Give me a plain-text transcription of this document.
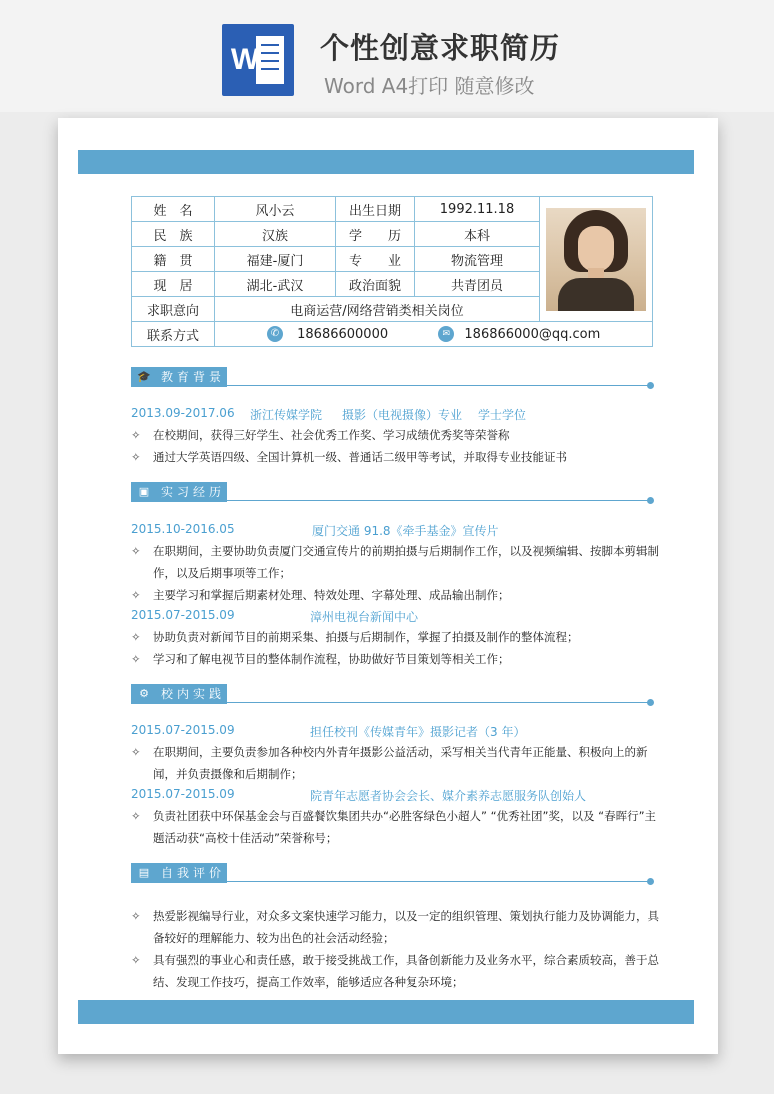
W 个性创意求职简历
Word A4打印 随意修改
姓　名	风小云	出生日期	1992.11.18	

民　族	汉族	学　　历	本科	
籍　贯	福建-厦门	专　　业	物流管理	
现　居	湖北-武汉	政治面貌	共青团员	
求职意向	电商运营/网络营销类相关岗位			
联系方式	✆ 18686600000 ✉ 186866000@qq.com			
🎓 教育背景
2013.09-2017.06 浙江传媒学院 摄影（电视摄像）专业 学士学位
✧	在校期间，获得三好学生、社会优秀工作奖、学习成绩优秀奖等荣誉称
✧	通过大学英语四级、全国计算机一级、普通话二级甲等考试，并取得专业技能证书
▣ 实习经历
2015.10-2016.05	厦门交通 91.8《牵手基金》宣传片
✧	在职期间，主要协助负责厦门交通宣传片的前期拍摄与后期制作工作，以及视频编辑、按脚本剪辑制作，以及后期事项等工作；
✧	主要学习和掌握后期素材处理、特效处理、字幕处理、成品输出制作；
2015.07-2015.09	漳州电视台新闻中心
✧	协助负责对新闻节目的前期采集、拍摄与后期制作，掌握了拍摄及制作的整体流程；
✧	学习和了解电视节目的整体制作流程，协助做好节目策划等相关工作；
⚙ 校内实践
2015.07-2015.09	担任校刊《传媒青年》摄影记者（3 年）
✧	在职期间，主要负责参加各种校内外青年摄影公益活动，采写相关当代青年正能量、积极向上的新闻，并负责摄像和后期制作；
2015.07-2015.09	院青年志愿者协会会长、媒介素养志愿服务队创始人
✧	负责社团获中环保基金会与百盛餐饮集团共办“必胜客绿色小超人” “优秀社团”奖，以及 “春晖行”主题活动获“高校十佳活动”荣誉称号；
▤ 自我评价
✧	热爱影视编导行业，对众多文案快速学习能力，以及一定的组织管理、策划执行能力及协调能力，具备较好的理解能力、较为出色的社会活动经验；
✧	具有强烈的事业心和责任感，敢于接受挑战工作，具备创新能力及业务水平，综合素质较高，善于总结、发现工作技巧，提高工作效率，能够适应各种复杂环境；
